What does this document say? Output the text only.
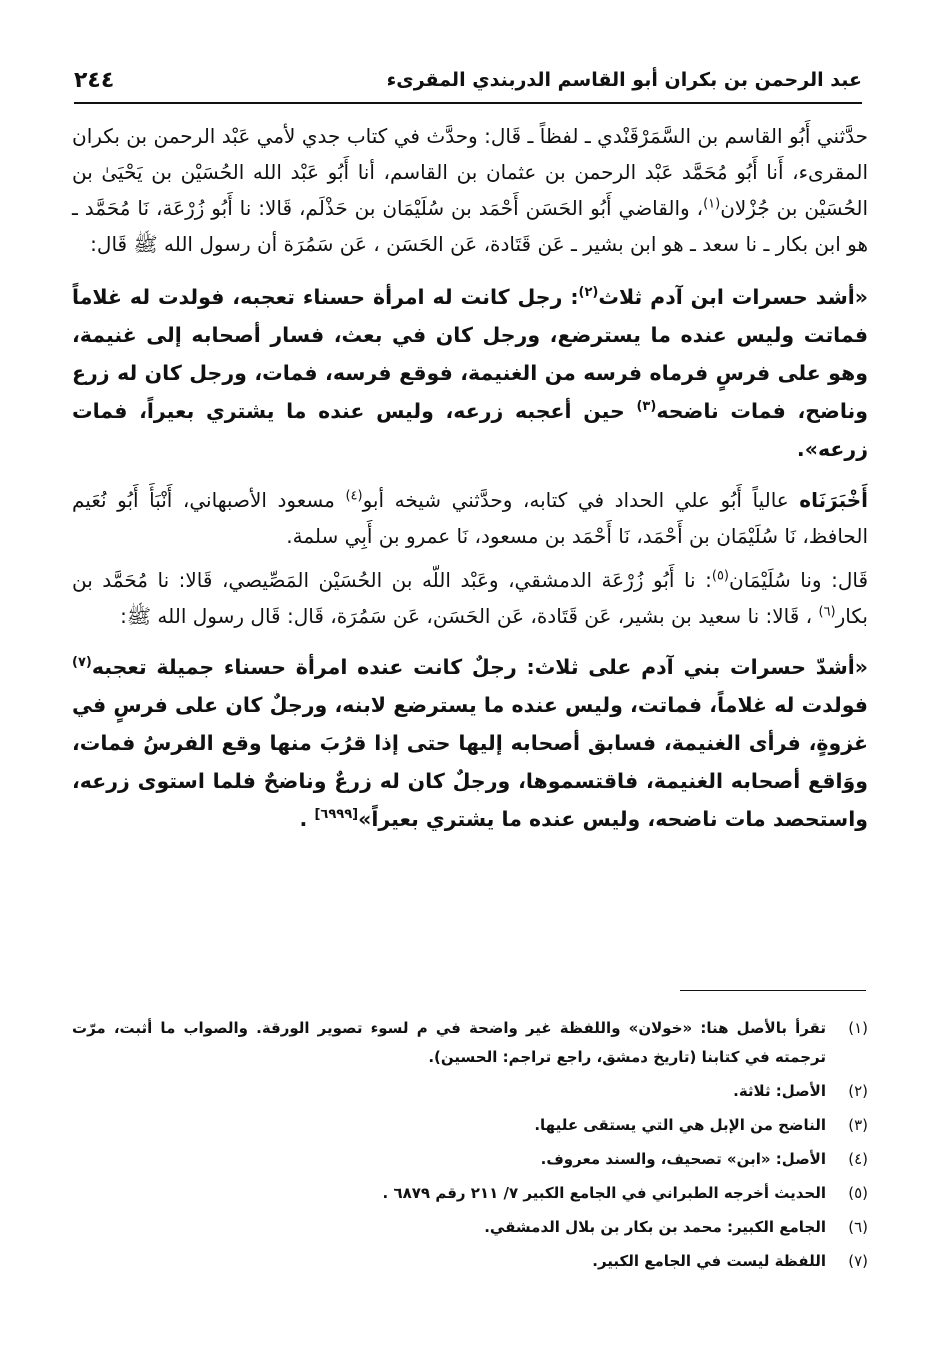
٢٤٤	عبد الرحمن بن بكران أبو القاسم الدربندي المقرىء

حدَّثني أَبُو القاسم بن السَّمَرْقَنْدي ـ لفظاً ـ قَال: وحدَّث في كتاب جدي لأمي عَبْد الرحمن بن بكران المقرىء، أَنا أَبُو مُحَمَّد عَبْد الرحمن بن عثمان بن القاسم، أنا أَبُو عَبْد الله الحُسَيْن بن يَحْيَىٰ بن الحُسَيْن بن جُزْلان$^{(١)}$، والقاضي أَبُو الحَسَن أَحْمَد بن سُلَيْمَان بن حَذْلَم، قَالا: نا أَبُو زُرْعَة، نَا مُحَمَّد ـ هو ابن بكار ـ نا سعد ـ هو ابن بشير ـ عَن قَتَادة، عَن الحَسَن ، عَن سَمُرَة أن رسول الله ﷺ قَال:

«أشد حسرات ابن آدم ثلاث$^{(٢)}$: رجل كانت له امرأة حسناء تعجبه، فولدت له غلاماً فماتت وليس عنده ما يسترضع، ورجل كان في بعث، فسار أصحابه إلى غنيمة، وهو على فرسٍ فرماه فرسه من الغنيمة، فوقع فرسه، فمات، ورجل كان له زرع وناضح، فمات ناضحه$^{(٣)}$ حين أعجبه زرعه، وليس عنده ما يشتري بعيراً، فمات زرعه».

أَخْبَرَنَاه عالياً أَبُو علي الحداد في كتابه، وحدَّثني شيخه أبو$^{(٤)}$ مسعود الأصبهاني، أَنْبَأَ أَبُو نُعَيم الحافظ، نَا سُلَيْمَان بن أَحْمَد، نَا أَحْمَد بن مسعود، نَا عمرو بن أَبِي سلمة.

قَال: ونا سُلَيْمَان$^{(٥)}$: نا أَبُو زُرْعَة الدمشقي، وعَبْد اللّه بن الحُسَيْن المَصِّيصي، قَالا: نا مُحَمَّد بن بكار$^{(٦)}$ ، قَالا: نا سعيد بن بشير، عَن قَتَادة، عَن الحَسَن، عَن سَمُرَة، قَال: قَال رسول الله ﷺ:

«أشدّ حسرات بني آدم على ثلاث: رجلٌ كانت عنده امرأة حسناء جميلة تعجبه$^{(٧)}$ فولدت له غلاماً، فماتت، وليس عنده ما يسترضع لابنه، ورجلٌ كان على فرسٍ في غزوةٍ، فرأى الغنيمة، فسابق أصحابه إليها حتى إذا قرُبَ منها وقع الفرسُ فمات، ووَاقع أصحابه الغنيمة، فاقتسموها، ورجلٌ كان له زرعٌ وناضحٌ فلما استوى زرعه، واستحصد مات ناضحه، وليس عنده ما يشتري بعيراً»[٦٩٩٩] .

(١)
تقرأ بالأصل هنا: «خولان» واللفظة غير واضحة في م لسوء تصوير الورقة. والصواب ما أثبت، مرّت ترجمته في كتابنا (تاريخ دمشق، راجع تراجم: الحسين).
(٢)
الأصل: ثلاثة.
(٣)
الناضح من الإبل هي التي يستقى عليها.
(٤)
الأصل: «ابن» تصحيف، والسند معروف.
(٥)
الحديث أخرجه الطبراني في الجامع الكبير ٧/ ٢١١ رقم ٦٨٧٩ .
(٦)
الجامع الكبير: محمد بن بكار بن بلال الدمشقي.
(٧)
اللفظة ليست في الجامع الكبير.
